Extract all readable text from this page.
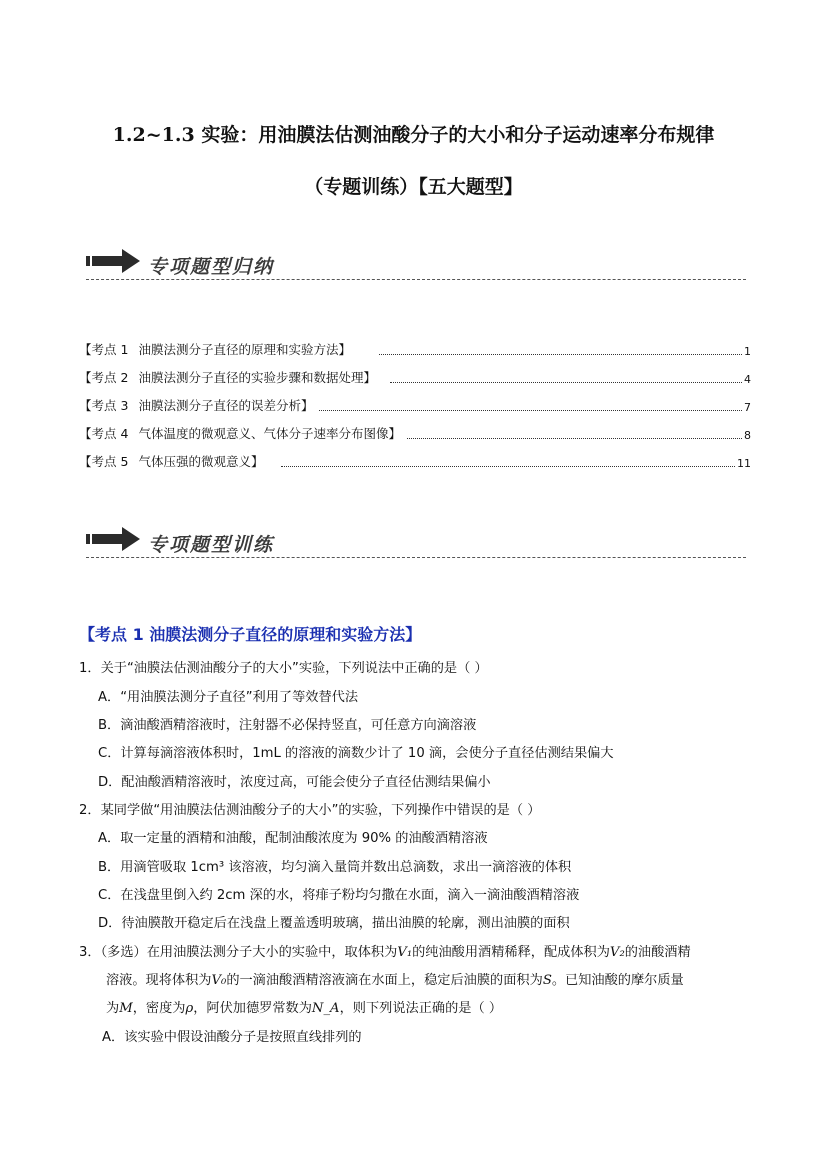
1.2~1.3 实验：用油膜法估测油酸分子的大小和分子运动速率分布规律
（专题训练）【五大题型】
专项题型归纳
【考点 1 油膜法测分子直径的原理和实验方法】	1
【考点 2 油膜法测分子直径的实验步骤和数据处理】	4
【考点 3 油膜法测分子直径的误差分析】	7
【考点 4 气体温度的微观意义、气体分子速率分布图像】	8
【考点 5 气体压强的微观意义】	11
专项题型训练
【考点 1 油膜法测分子直径的原理和实验方法】
1．关于“油膜法估测油酸分子的大小”实验，下列说法中正确的是（ ）
A．“用油膜法测分子直径”利用了等效替代法
B．滴油酸酒精溶液时，注射器不必保持竖直，可任意方向滴溶液
C．计算每滴溶液体积时，1mL 的溶液的滴数少计了 10 滴，会使分子直径估测结果偏大
D．配油酸酒精溶液时，浓度过高，可能会使分子直径估测结果偏小
2．某同学做“用油膜法估测油酸分子的大小”的实验，下列操作中错误的是（ ）
A．取一定量的酒精和油酸，配制油酸浓度为 90% 的油酸酒精溶液
B．用滴管吸取 1cm³ 该溶液，均匀滴入量筒并数出总滴数，求出一滴溶液的体积
C．在浅盘里倒入约 2cm 深的水，将痱子粉均匀撒在水面，滴入一滴油酸酒精溶液
D．待油膜散开稳定后在浅盘上覆盖透明玻璃，描出油膜的轮廓，测出油膜的面积
3．（多选）在用油膜法测分子大小的实验中，取体积为V₁的纯油酸用酒精稀释，配成体积为V₂的油酸酒精
溶液。现将体积为V₀的一滴油酸酒精溶液滴在水面上，稳定后油膜的面积为S。已知油酸的摩尔质量
为M，密度为ρ，阿伏加德罗常数为N_A，则下列说法正确的是（ ）
A．该实验中假设油酸分子是按照直线排列的
